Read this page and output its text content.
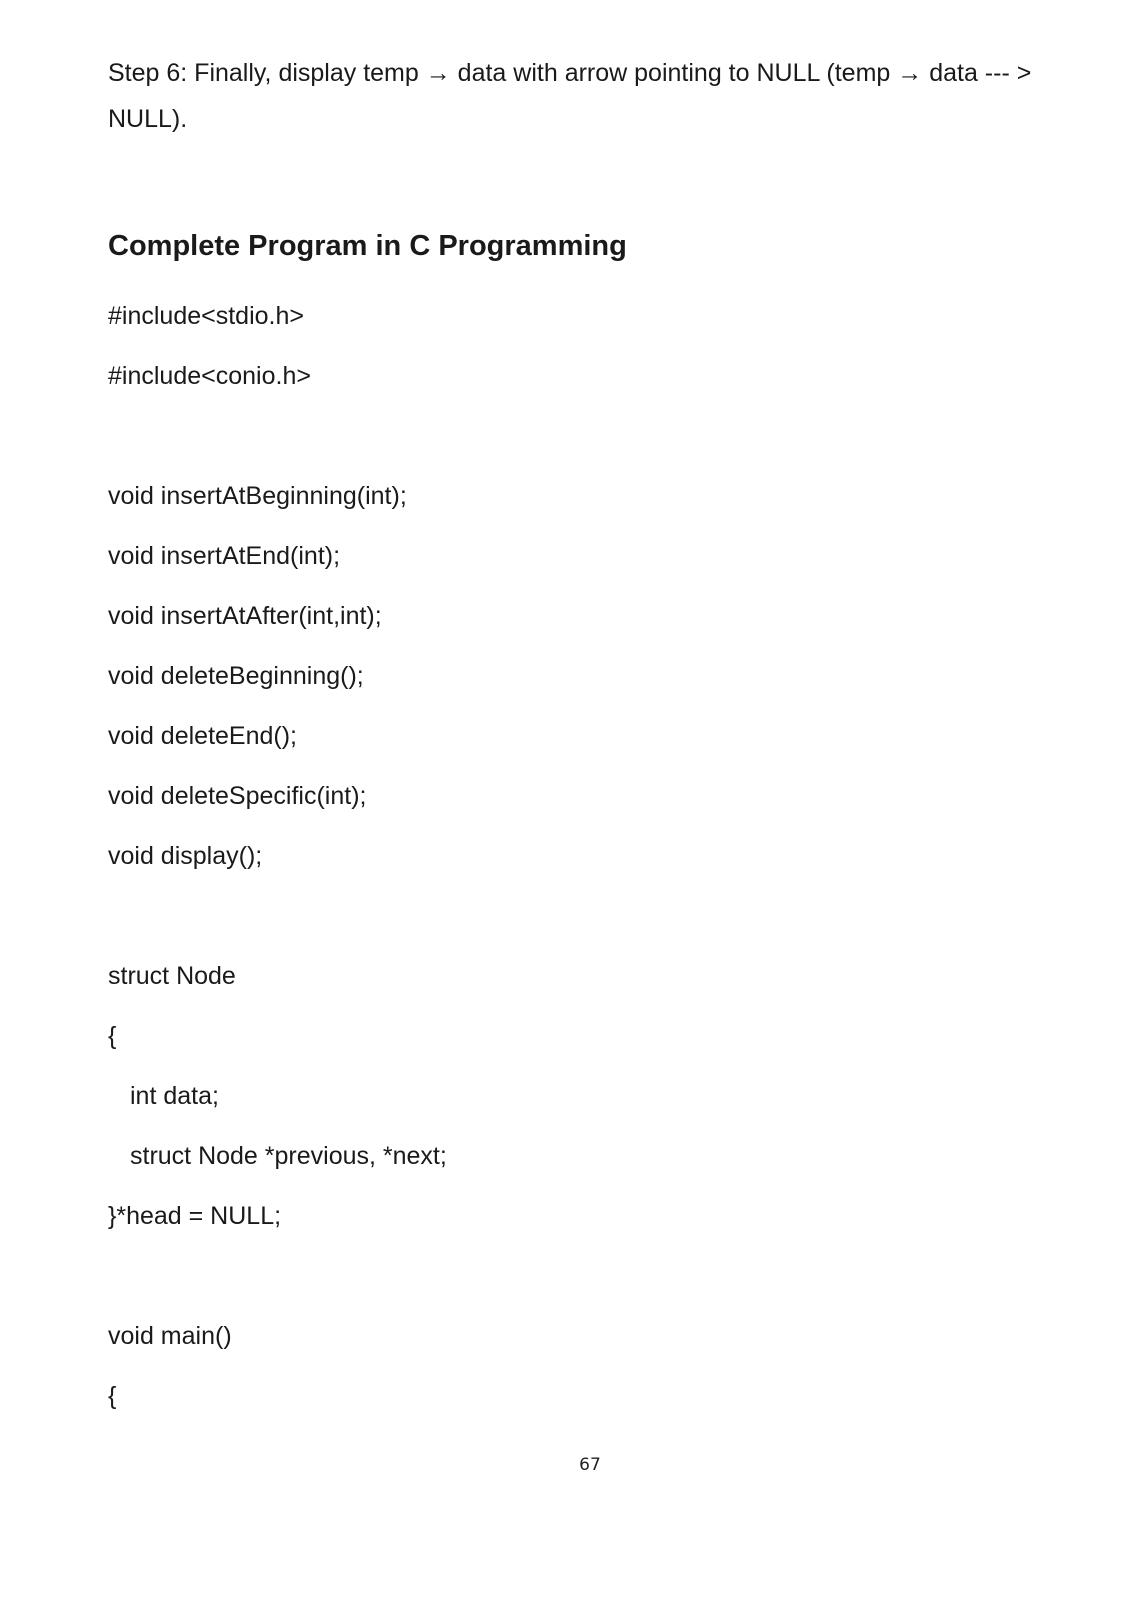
Step 6: Finally, display temp → data with arrow pointing to NULL (temp → data --- > NULL).

Complete Program in C Programming
#include<stdio.h>
#include<conio.h>
void insertAtBeginning(int);
void insertAtEnd(int);
void insertAtAfter(int,int);
void deleteBeginning();
void deleteEnd();
void deleteSpecific(int);
void display();
struct Node
{
int data;
struct Node *previous, *next;
}*head = NULL;
void main()
{
67
